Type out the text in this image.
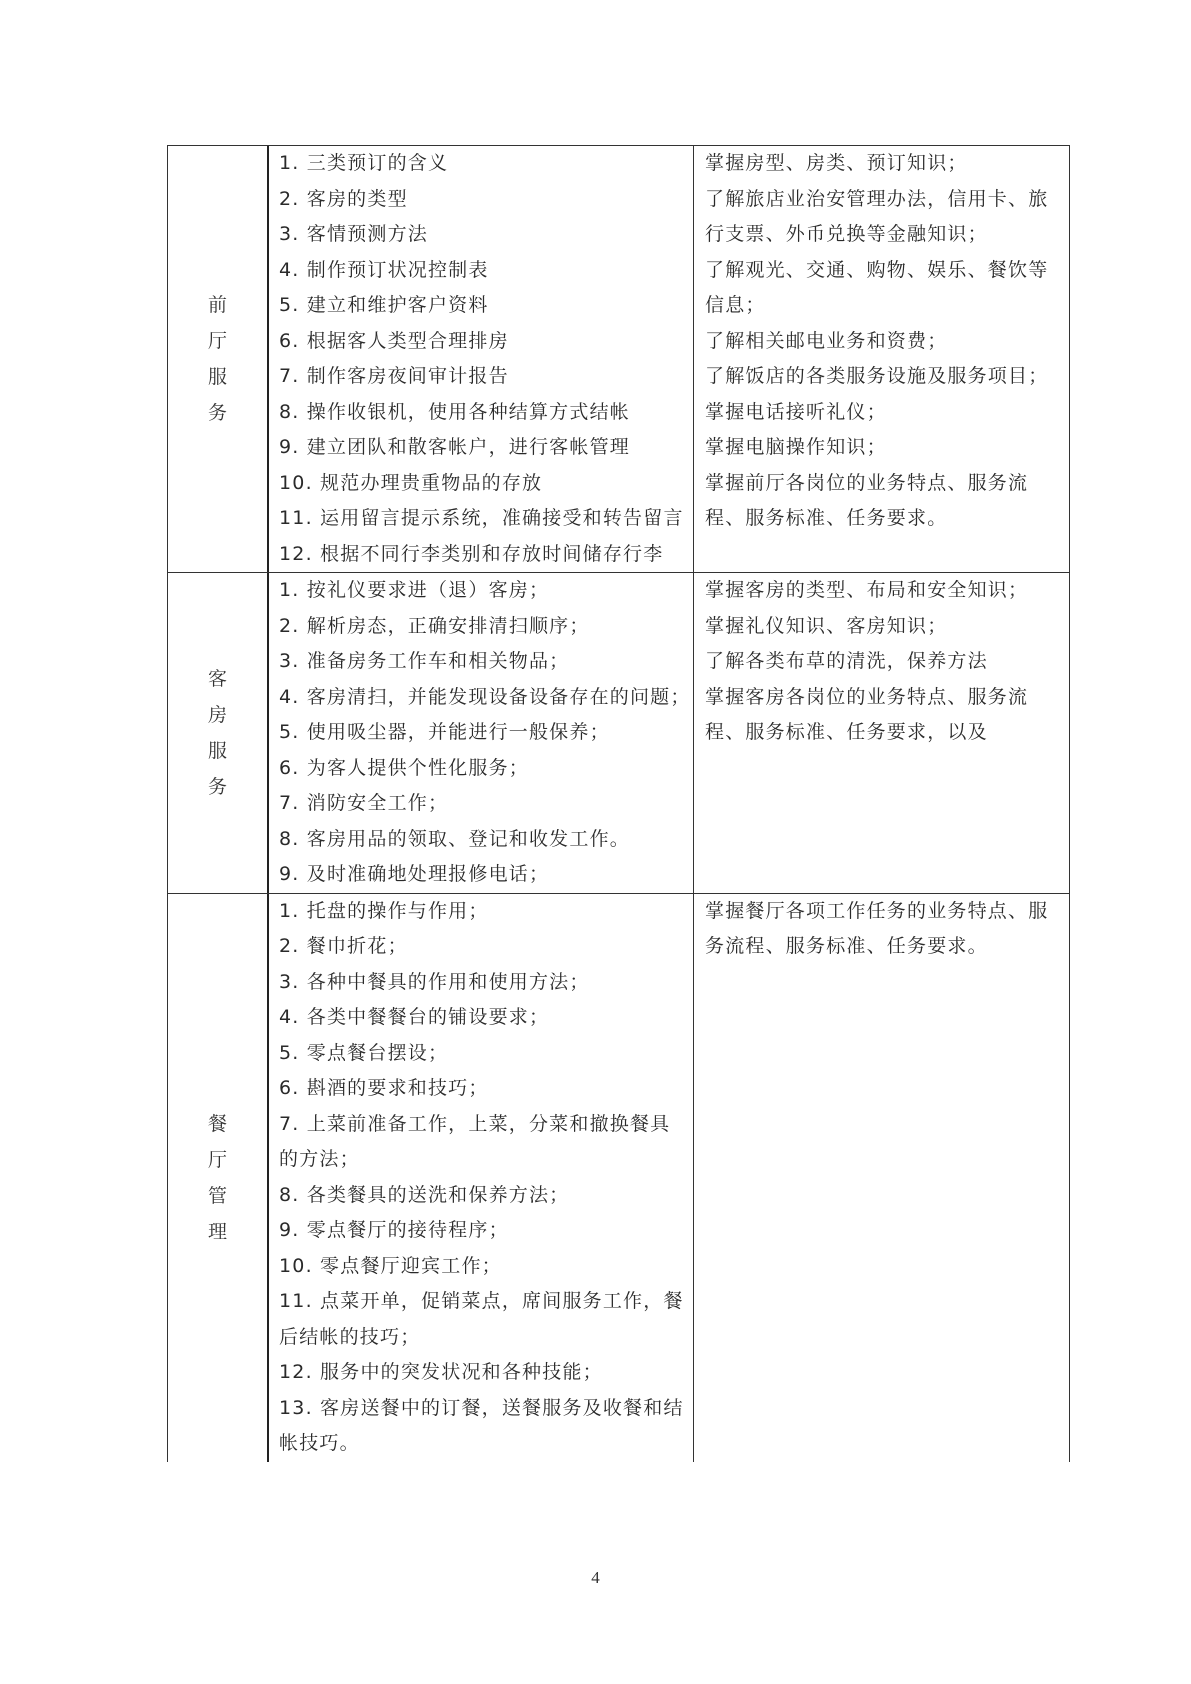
前
厅
服
务
1. 三类预订的含义
2. 客房的类型
3. 客情预测方法
4. 制作预订状况控制表
5. 建立和维护客户资料
6. 根据客人类型合理排房
7. 制作客房夜间审计报告
8. 操作收银机，使用各种结算方式结帐
9. 建立团队和散客帐户，进行客帐管理
10. 规范办理贵重物品的存放
11. 运用留言提示系统，准确接受和转告留言
12. 根据不同行李类别和存放时间储存行李
掌握房型、房类、预订知识；
了解旅店业治安管理办法，信用卡、旅
行支票、外币兑换等金融知识；
了解观光、交通、购物、娱乐、餐饮等
信息；
了解相关邮电业务和资费；
了解饭店的各类服务设施及服务项目；
掌握电话接听礼仪；
掌握电脑操作知识；
掌握前厅各岗位的业务特点、服务流
程、服务标准、任务要求。
客
房
服
务
1. 按礼仪要求进（退）客房；
2. 解析房态，正确安排清扫顺序；
3. 准备房务工作车和相关物品；
4. 客房清扫，并能发现设备设备存在的问题；
5. 使用吸尘器，并能进行一般保养；
6. 为客人提供个性化服务；
7. 消防安全工作；
8. 客房用品的领取、登记和收发工作。
9. 及时准确地处理报修电话；
掌握客房的类型、布局和安全知识；
掌握礼仪知识、客房知识；
了解各类布草的清洗，保养方法
掌握客房各岗位的业务特点、服务流
程、服务标准、任务要求，以及
餐
厅
管
理
1. 托盘的操作与作用；
2. 餐巾折花；
3. 各种中餐具的作用和使用方法；
4. 各类中餐餐台的铺设要求；
5. 零点餐台摆设；
6. 斟酒的要求和技巧；
7. 上菜前准备工作，上菜，分菜和撤换餐具
的方法；
8. 各类餐具的送洗和保养方法；
9. 零点餐厅的接待程序；
10. 零点餐厅迎宾工作；
11. 点菜开单，促销菜点，席间服务工作，餐
后结帐的技巧；
12. 服务中的突发状况和各种技能；
13. 客房送餐中的订餐，送餐服务及收餐和结
帐技巧。
掌握餐厅各项工作任务的业务特点、服
务流程、服务标准、任务要求。
4
